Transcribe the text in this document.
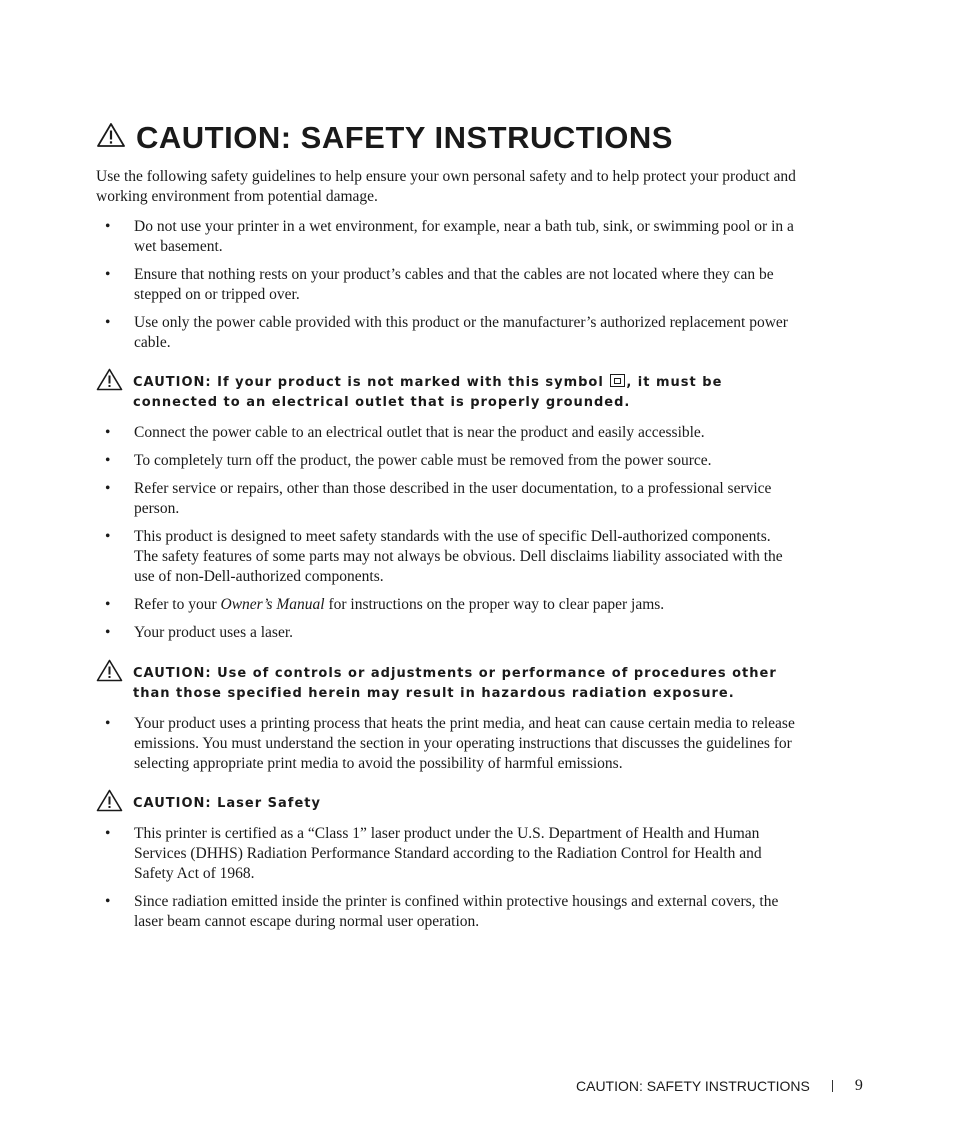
CAUTION: SAFETY INSTRUCTIONS
Use the following safety guidelines to help ensure your own personal safety and to help protect your product and working environment from potential damage.
• Do not use your printer in a wet environment, for example, near a bath tub, sink, or swimming pool or in a wet basement.
• Ensure that nothing rests on your product’s cables and that the cables are not located where they can be stepped on or tripped over.
• Use only the power cable provided with this product or the manufacturer’s authorized replacement power cable.
CAUTION: If your product is not marked with this symbol , it must be connected to an electrical outlet that is properly grounded.
• Connect the power cable to an electrical outlet that is near the product and easily accessible.
• To completely turn off the product, the power cable must be removed from the power source.
• Refer service or repairs, other than those described in the user documentation, to a professional service person.
• This product is designed to meet safety standards with the use of specific Dell-authorized components. The safety features of some parts may not always be obvious. Dell disclaims liability associated with the use of non-Dell-authorized components.
• Refer to your Owner’s Manual for instructions on the proper way to clear paper jams.
• Your product uses a laser.
CAUTION: Use of controls or adjustments or performance of procedures other than those specified herein may result in hazardous radiation exposure.
• Your product uses a printing process that heats the print media, and heat can cause certain media to release emissions. You must understand the section in your operating instructions that discusses the guidelines for selecting appropriate print media to avoid the possibility of harmful emissions.
CAUTION: Laser Safety
• This printer is certified as a “Class 1” laser product under the U.S. Department of Health and Human Services (DHHS) Radiation Performance Standard according to the Radiation Control for Health and Safety Act of 1968.
• Since radiation emitted inside the printer is confined within protective housings and external covers, the laser beam cannot escape during normal user operation.
CAUTION: SAFETY INSTRUCTIONS	9
